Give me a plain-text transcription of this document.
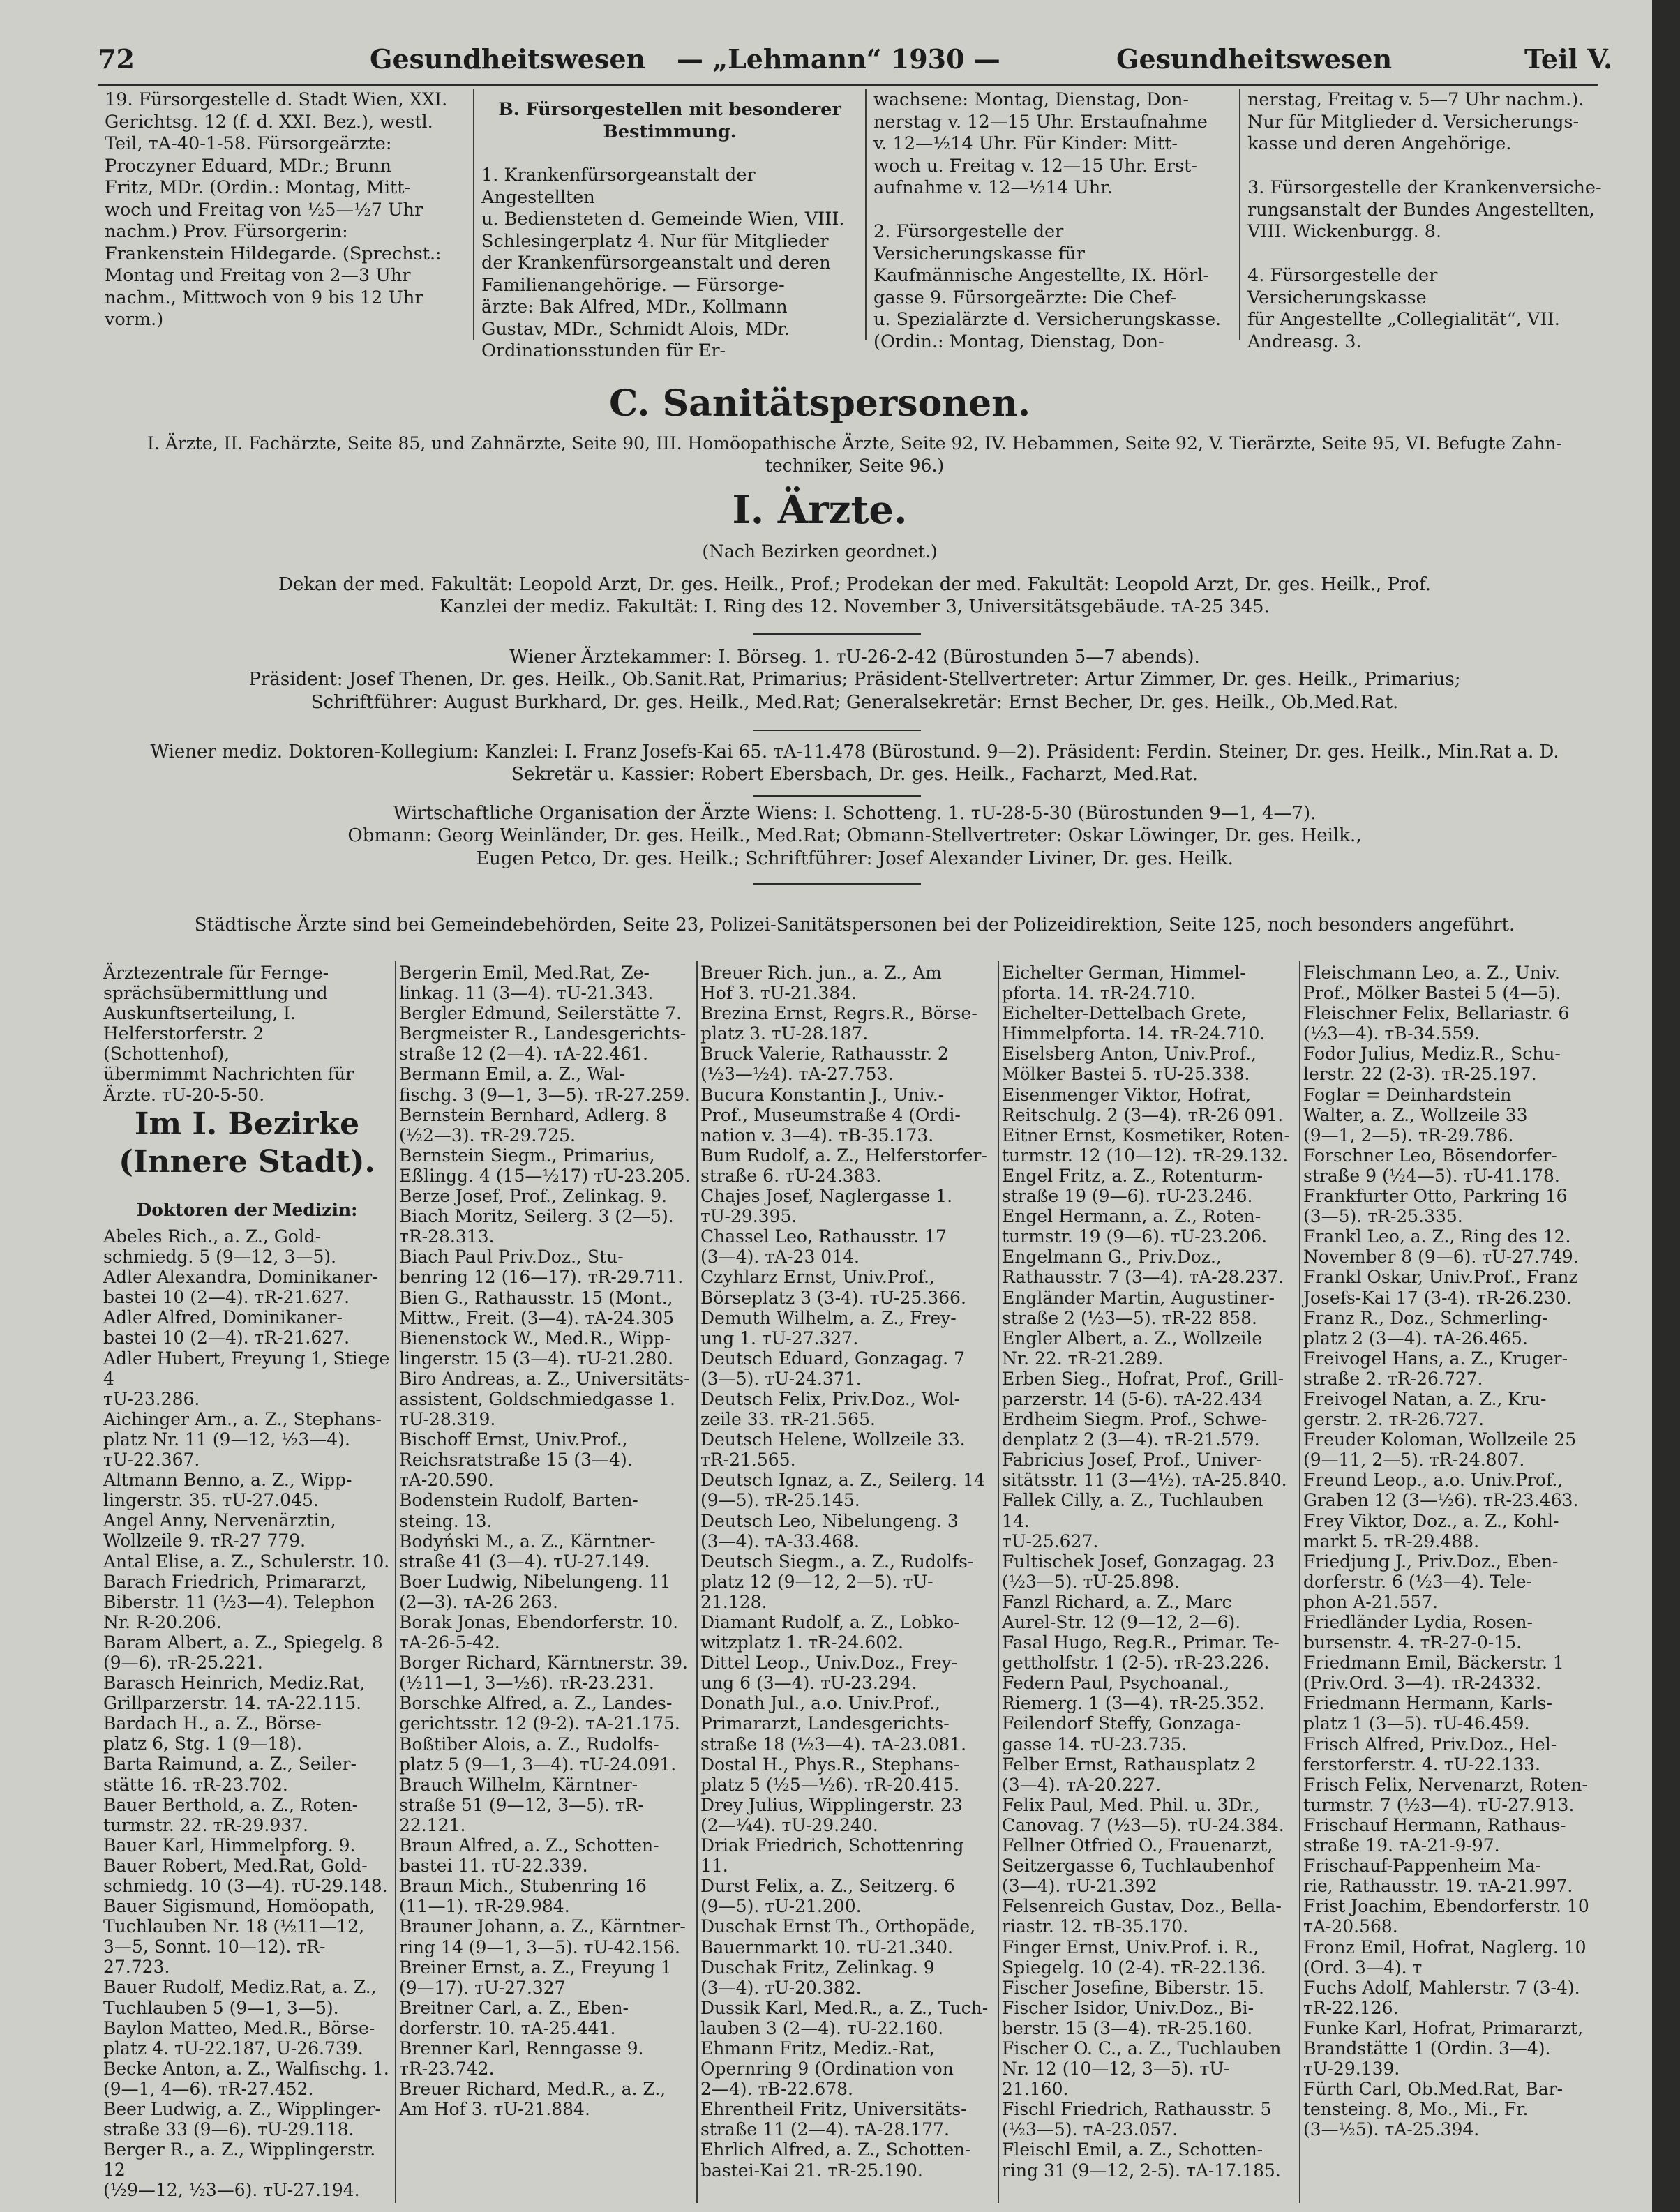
72	Gesundheitswesen — „Lehmann“ 1930 —	Gesundheitswesen	Teil V.
19. Fürsorgestelle d. Stadt Wien, XXI.
Gerichtsg. 12 (f. d. XXI. Bez.), westl.
Teil, ᴛA-40-1-58. Fürsorgeärzte:
Proczyner Eduard, MDr.; Brunn
Fritz, MDr. (Ordin.: Montag, Mitt-
woch und Freitag von ½5—½7 Uhr
nachm.) Prov. Fürsorgerin:
Frankenstein Hildegarde. (Sprechst.:
Montag und Freitag von 2—3 Uhr
nachm., Mittwoch von 9 bis 12 Uhr
vorm.)
B. Fürsorgestellen mit besonderer
Bestimmung.
1. Krankenfürsorgeanstalt der Angestellten
u. Bediensteten d. Gemeinde Wien, VIII.
Schlesingerplatz 4. Nur für Mitglieder
der Krankenfürsorgeanstalt und deren
Familienangehörige. — Fürsorge-
ärzte: Bak Alfred, MDr., Kollmann
Gustav, MDr., Schmidt Alois, MDr.
Ordinationsstunden für Er-
wachsene: Montag, Dienstag, Don-
nerstag v. 12—15 Uhr. Erstaufnahme
v. 12—½14 Uhr. Für Kinder: Mitt-
woch u. Freitag v. 12—15 Uhr. Erst-
aufnahme v. 12—½14 Uhr.

2. Fürsorgestelle der Versicherungskasse für
Kaufmännische Angestellte, IX. Hörl-
gasse 9. Fürsorgeärzte: Die Chef-
u. Spezialärzte d. Versicherungskasse.
(Ordin.: Montag, Dienstag, Don-
nerstag, Freitag v. 5—7 Uhr nachm.).
Nur für Mitglieder d. Versicherungs-
kasse und deren Angehörige.

3. Fürsorgestelle der Krankenversiche-
rungsanstalt der Bundes Angestellten,
VIII. Wickenburgg. 8.

4. Fürsorgestelle der Versicherungskasse
für Angestellte „Collegialität“, VII.
Andreasg. 3.
C. Sanitätspersonen.
I. Ärzte, II. Fachärzte, Seite 85, und Zahnärzte, Seite 90, III. Homöopathische Ärzte, Seite 92, IV. Hebammen, Seite 92, V. Tierärzte, Seite 95, VI. Befugte Zahn-
techniker, Seite 96.)
I. Ärzte.
(Nach Bezirken geordnet.)
Dekan der med. Fakultät: Leopold Arzt, Dr. ges. Heilk., Prof.; Prodekan der med. Fakultät: Leopold Arzt, Dr. ges. Heilk., Prof.
Kanzlei der mediz. Fakultät: I. Ring des 12. November 3, Universitätsgebäude. ᴛA-25 345.
Wiener Ärztekammer: I. Börseg. 1. ᴛU-26-2-42 (Bürostunden 5—7 abends).
Präsident: Josef Thenen, Dr. ges. Heilk., Ob.Sanit.Rat, Primarius; Präsident-Stellvertreter: Artur Zimmer, Dr. ges. Heilk., Primarius;
Schriftführer: August Burkhard, Dr. ges. Heilk., Med.Rat; Generalsekretär: Ernst Becher, Dr. ges. Heilk., Ob.Med.Rat.
Wiener mediz. Doktoren-Kollegium: Kanzlei: I. Franz Josefs-Kai 65. ᴛA-11.478 (Bürostund. 9—2). Präsident: Ferdin. Steiner, Dr. ges. Heilk., Min.Rat a. D.
Sekretär u. Kassier: Robert Ebersbach, Dr. ges. Heilk., Facharzt, Med.Rat.
Wirtschaftliche Organisation der Ärzte Wiens: I. Schotteng. 1. ᴛU-28-5-30 (Bürostunden 9—1, 4—7).
Obmann: Georg Weinländer, Dr. ges. Heilk., Med.Rat; Obmann-Stellvertreter: Oskar Löwinger, Dr. ges. Heilk.,
Eugen Petco, Dr. ges. Heilk.; Schriftführer: Josef Alexander Liviner, Dr. ges. Heilk.
Städtische Ärzte sind bei Gemeindebehörden, Seite 23, Polizei-Sanitätspersonen bei der Polizeidirektion, Seite 125, noch besonders angeführt.
Ärztezentrale für Fernge-
sprächsübermittlung und
Auskunftserteilung, I.
Helferstorferstr. 2 (Schottenhof),
übermimmt Nachrichten für
Ärzte. ᴛU-20-5-50.
Im I. Bezirke
(Innere Stadt).
Doktoren der Medizin:
Abeles Rich., a. Z., Gold-
schmiedg. 5 (9—12, 3—5).
Adler Alexandra, Dominikaner-
bastei 10 (2—4). ᴛR-21.627.
Adler Alfred, Dominikaner-
bastei 10 (2—4). ᴛR-21.627.
Adler Hubert, Freyung 1, Stiege 4
ᴛU-23.286.
Aichinger Arn., a. Z., Stephans-
platz Nr. 11 (9—12, ½3—4).
ᴛU-22.367.
Altmann Benno, a. Z., Wipp-
lingerstr. 35. ᴛU-27.045.
Angel Anny, Nervenärztin,
Wollzeile 9. ᴛR-27 779.
Antal Elise, a. Z., Schulerstr. 10.
Barach Friedrich, Primararzt,
Biberstr. 11 (½3—4). Telephon
Nr. R-20.206.
Baram Albert, a. Z., Spiegelg. 8
(9—6). ᴛR-25.221.
Barasch Heinrich, Mediz.Rat,
Grillparzerstr. 14. ᴛA-22.115.
Bardach H., a. Z., Börse-
platz 6, Stg. 1 (9—18).
Barta Raimund, a. Z., Seiler-
stätte 16. ᴛR-23.702.
Bauer Berthold, a. Z., Roten-
turmstr. 22. ᴛR-29.937.
Bauer Karl, Himmelpforg. 9.
Bauer Robert, Med.Rat, Gold-
schmiedg. 10 (3—4). ᴛU-29.148.
Bauer Sigismund, Homöopath,
Tuchlauben Nr. 18 (½11—12,
3—5, Sonnt. 10—12). ᴛR-27.723.
Bauer Rudolf, Mediz.Rat, a. Z.,
Tuchlauben 5 (9—1, 3—5).
Baylon Matteo, Med.R., Börse-
platz 4. ᴛU-22.187, U-26.739.
Becke Anton, a. Z., Walfischg. 1.
(9—1, 4—6). ᴛR-27.452.
Beer Ludwig, a. Z., Wipplinger-
straße 33 (9—6). ᴛU-29.118.
Berger R., a. Z., Wipplingerstr. 12
(½9—12, ½3—6). ᴛU-27.194.
Bergerin Emil, Med.Rat, Ze-
linkag. 11 (3—4). ᴛU-21.343.
Bergler Edmund, Seilerstätte 7.
Bergmeister R., Landesgerichts-
straße 12 (2—4). ᴛA-22.461.
Bermann Emil, a. Z., Wal-
fischg. 3 (9—1, 3—5). ᴛR-27.259.
Bernstein Bernhard, Adlerg. 8
(½2—3). ᴛR-29.725.
Bernstein Siegm., Primarius,
Eßlingg. 4 (15—½17) ᴛU-23.205.
Berze Josef, Prof., Zelinkag. 9.
Biach Moritz, Seilerg. 3 (2—5).
ᴛR-28.313.
Biach Paul Priv.Doz., Stu-
benring 12 (16—17). ᴛR-29.711.
Bien G., Rathausstr. 15 (Mont.,
Mittw., Freit. (3—4). ᴛA-24.305
Bienenstock W., Med.R., Wipp-
lingerstr. 15 (3—4). ᴛU-21.280.
Biro Andreas, a. Z., Universitäts-
assistent, Goldschmiedgasse 1.
ᴛU-28.319.
Bischoff Ernst, Univ.Prof.,
Reichsratstraße 15 (3—4).
ᴛA-20.590.
Bodenstein Rudolf, Barten-
steing. 13.
Bodyński M., a. Z., Kärntner-
straße 41 (3—4). ᴛU-27.149.
Boer Ludwig, Nibelungeng. 11
(2—3). ᴛA-26 263.
Borak Jonas, Ebendorferstr. 10.
ᴛA-26-5-42.
Borger Richard, Kärntnerstr. 39.
(½11—1, 3—½6). ᴛR-23.231.
Borschke Alfred, a. Z., Landes-
gerichtsstr. 12 (9-2). ᴛA-21.175.
Boßtiber Alois, a. Z., Rudolfs-
platz 5 (9—1, 3—4). ᴛU-24.091.
Brauch Wilhelm, Kärntner-
straße 51 (9—12, 3—5). ᴛR-22.121.
Braun Alfred, a. Z., Schotten-
bastei 11. ᴛU-22.339.
Braun Mich., Stubenring 16
(11—1). ᴛR-29.984.
Brauner Johann, a. Z., Kärntner-
ring 14 (9—1, 3—5). ᴛU-42.156.
Breiner Ernst, a. Z., Freyung 1
(9—17). ᴛU-27.327
Breitner Carl, a. Z., Eben-
dorferstr. 10. ᴛA-25.441.
Brenner Karl, Renngasse 9.
ᴛR-23.742.
Breuer Richard, Med.R., a. Z.,
Am Hof 3. ᴛU-21.884.
Breuer Rich. jun., a. Z., Am
Hof 3. ᴛU-21.384.
Brezina Ernst, Regrs.R., Börse-
platz 3. ᴛU-28.187.
Bruck Valerie, Rathausstr. 2
(½3—½4). ᴛA-27.753.
Bucura Konstantin J., Univ.-
Prof., Museumstraße 4 (Ordi-
nation v. 3—4). ᴛB-35.173.
Bum Rudolf, a. Z., Helferstorfer-
straße 6. ᴛU-24.383.
Chajes Josef, Naglergasse 1.
ᴛU-29.395.
Chassel Leo, Rathausstr. 17
(3—4). ᴛA-23 014.
Czyhlarz Ernst, Univ.Prof.,
Börseplatz 3 (3-4). ᴛU-25.366.
Demuth Wilhelm, a. Z., Frey-
ung 1. ᴛU-27.327.
Deutsch Eduard, Gonzagag. 7
(3—5). ᴛU-24.371.
Deutsch Felix, Priv.Doz., Wol-
zeile 33. ᴛR-21.565.
Deutsch Helene, Wollzeile 33.
ᴛR-21.565.
Deutsch Ignaz, a. Z., Seilerg. 14
(9—5). ᴛR-25.145.
Deutsch Leo, Nibelungeng. 3
(3—4). ᴛA-33.468.
Deutsch Siegm., a. Z., Rudolfs-
platz 12 (9—12, 2—5). ᴛU-21.128.
Diamant Rudolf, a. Z., Lobko-
witzplatz 1. ᴛR-24.602.
Dittel Leop., Univ.Doz., Frey-
ung 6 (3—4). ᴛU-23.294.
Donath Jul., a.o. Univ.Prof.,
Primararzt, Landesgerichts-
straße 18 (½3—4). ᴛA-23.081.
Dostal H., Phys.R., Stephans-
platz 5 (½5—½6). ᴛR-20.415.
Drey Julius, Wipplingerstr. 23
(2—¼4). ᴛU-29.240.
Driak Friedrich, Schottenring 11.
Durst Felix, a. Z., Seitzerg. 6
(9—5). ᴛU-21.200.
Duschak Ernst Th., Orthopäde,
Bauernmarkt 10. ᴛU-21.340.
Duschak Fritz, Zelinkag. 9
(3—4). ᴛU-20.382.
Dussik Karl, Med.R., a. Z., Tuch-
lauben 3 (2—4). ᴛU-22.160.
Ehmann Fritz, Mediz.-Rat,
Opernring 9 (Ordination von
2—4). ᴛB-22.678.
Ehrentheil Fritz, Universitäts-
straße 11 (2—4). ᴛA-28.177.
Ehrlich Alfred, a. Z., Schotten-
bastei-Kai 21. ᴛR-25.190.
Eichelter German, Himmel-
pforta. 14. ᴛR-24.710.
Eichelter-Dettelbach Grete,
Himmelpforta. 14. ᴛR-24.710.
Eiselsberg Anton, Univ.Prof.,
Mölker Bastei 5. ᴛU-25.338.
Eisenmenger Viktor, Hofrat,
Reitschulg. 2 (3—4). ᴛR-26 091.
Eitner Ernst, Kosmetiker, Roten-
turmstr. 12 (10—12). ᴛR-29.132.
Engel Fritz, a. Z., Rotenturm-
straße 19 (9—6). ᴛU-23.246.
Engel Hermann, a. Z., Roten-
turmstr. 19 (9—6). ᴛU-23.206.
Engelmann G., Priv.Doz.,
Rathausstr. 7 (3—4). ᴛA-28.237.
Engländer Martin, Augustiner-
straße 2 (½3—5). ᴛR-22 858.
Engler Albert, a. Z., Wollzeile
Nr. 22. ᴛR-21.289.
Erben Sieg., Hofrat, Prof., Grill-
parzerstr. 14 (5-6). ᴛA-22.434
Erdheim Siegm. Prof., Schwe-
denplatz 2 (3—4). ᴛR-21.579.
Fabricius Josef, Prof., Univer-
sitätsstr. 11 (3—4½). ᴛA-25.840.
Fallek Cilly, a. Z., Tuchlauben 14.
ᴛU-25.627.
Fultischek Josef, Gonzagag. 23
(½3—5). ᴛU-25.898.
Fanzl Richard, a. Z., Marc
Aurel-Str. 12 (9—12, 2—6).
Fasal Hugo, Reg.R., Primar. Te-
gettholfstr. 1 (2-5). ᴛR-23.226.
Federn Paul, Psychoanal.,
Riemerg. 1 (3—4). ᴛR-25.352.
Feilendorf Steffy, Gonzaga-
gasse 14. ᴛU-23.735.
Felber Ernst, Rathausplatz 2
(3—4). ᴛA-20.227.
Felix Paul, Med. Phil. u. 3Dr.,
Canovag. 7 (½3—5). ᴛU-24.384.
Fellner Otfried O., Frauenarzt,
Seitzergasse 6, Tuchlaubenhof
(3—4). ᴛU-21.392
Felsenreich Gustav, Doz., Bella-
riastr. 12. ᴛB-35.170.
Finger Ernst, Univ.Prof. i. R.,
Spiegelg. 10 (2-4). ᴛR-22.136.
Fischer Josefine, Biberstr. 15.
Fischer Isidor, Univ.Doz., Bi-
berstr. 15 (3—4). ᴛR-25.160.
Fischer O. C., a. Z., Tuchlauben
Nr. 12 (10—12, 3—5). ᴛU-21.160.
Fischl Friedrich, Rathausstr. 5
(½3—5). ᴛA-23.057.
Fleischl Emil, a. Z., Schotten-
ring 31 (9—12, 2-5). ᴛA-17.185.
Fleischmann Leo, a. Z., Univ.
Prof., Mölker Bastei 5 (4—5).
Fleischner Felix, Bellariastr. 6
(½3—4). ᴛB-34.559.
Fodor Julius, Mediz.R., Schu-
lerstr. 22 (2-3). ᴛR-25.197.
Foglar = Deinhardstein
Walter, a. Z., Wollzeile 33
(9—1, 2—5). ᴛR-29.786.
Forschner Leo, Bösendorfer-
straße 9 (½4—5). ᴛU-41.178.
Frankfurter Otto, Parkring 16
(3—5). ᴛR-25.335.
Frankl Leo, a. Z., Ring des 12.
November 8 (9—6). ᴛU-27.749.
Frankl Oskar, Univ.Prof., Franz
Josefs-Kai 17 (3-4). ᴛR-26.230.
Franz R., Doz., Schmerling-
platz 2 (3—4). ᴛA-26.465.
Freivogel Hans, a. Z., Kruger-
straße 2. ᴛR-26.727.
Freivogel Natan, a. Z., Kru-
gerstr. 2. ᴛR-26.727.
Freuder Koloman, Wollzeile 25
(9—11, 2—5). ᴛR-24.807.
Freund Leop., a.o. Univ.Prof.,
Graben 12 (3—½6). ᴛR-23.463.
Frey Viktor, Doz., a. Z., Kohl-
markt 5. ᴛR-29.488.
Friedjung J., Priv.Doz., Eben-
dorferstr. 6 (½3—4). Tele-
phon A-21.557.
Friedländer Lydia, Rosen-
bursenstr. 4. ᴛR-27-0-15.
Friedmann Emil, Bäckerstr. 1
(Priv.Ord. 3—4). ᴛR-24332.
Friedmann Hermann, Karls-
platz 1 (3—5). ᴛU-46.459.
Frisch Alfred, Priv.Doz., Hel-
ferstorferstr. 4. ᴛU-22.133.
Frisch Felix, Nervenarzt, Roten-
turmstr. 7 (½3—4). ᴛU-27.913.
Frischauf Hermann, Rathaus-
straße 19. ᴛA-21-9-97.
Frischauf-Pappenheim Ma-
rie, Rathausstr. 19. ᴛA-21.997.
Frist Joachim, Ebendorferstr. 10
ᴛA-20.568.
Fronz Emil, Hofrat, Naglerg. 10
(Ord. 3—4). ᴛ
Fuchs Adolf, Mahlerstr. 7 (3-4).
ᴛR-22.126.
Funke Karl, Hofrat, Primararzt,
Brandstätte 1 (Ordin. 3—4).
ᴛU-29.139.
Fürth Carl, Ob.Med.Rat, Bar-
tensteing. 8, Mo., Mi., Fr.
(3—½5). ᴛA-25.394.
